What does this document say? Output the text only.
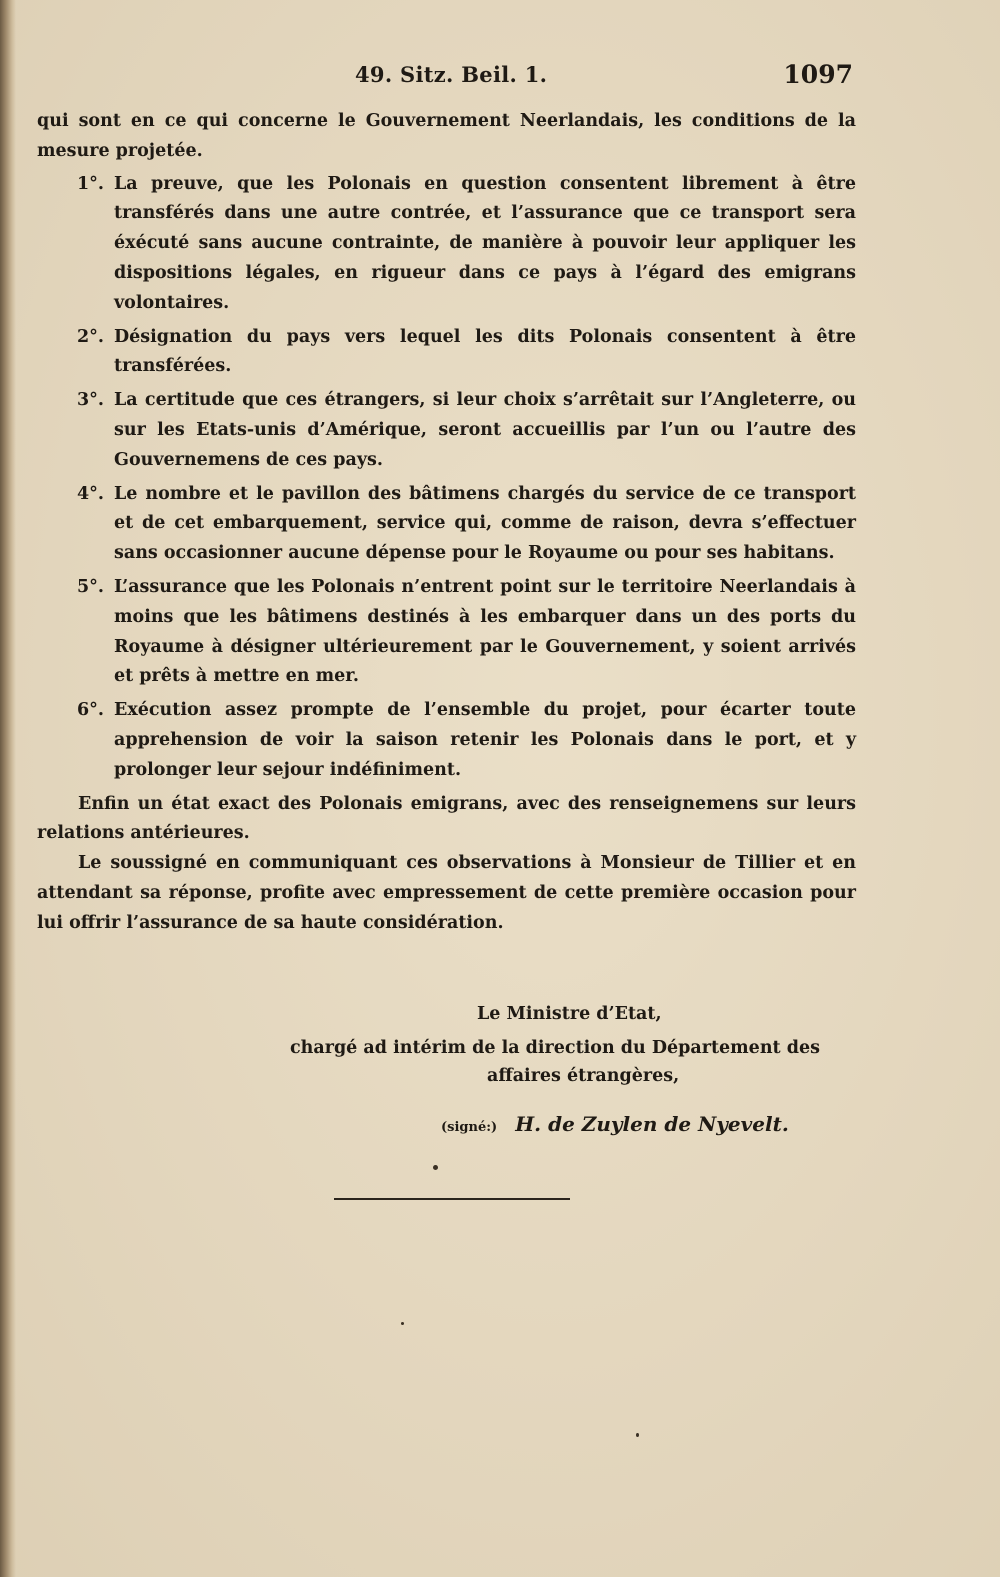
49. Sitz. Beil. 1.	1097

qui sont en ce qui concerne le Gouvernement Neerlandais, les conditions de la mesure projetée.

1°. La preuve, que les Polonais en question consentent librement à être transférés dans une autre contrée, et l’assurance que ce transport sera éxécuté sans aucune contrainte, de manière à pouvoir leur appliquer les dispositions légales, en rigueur dans ce pays à l’égard des emigrans volontaires.

2°. Désignation du pays vers lequel les dits Polonais consentent à être transférées.

3°. La certitude que ces étrangers, si leur choix s’arrêtait sur l’Angleterre, ou sur les Etats-unis d’Amérique, seront accueillis par l’un ou l’autre des Gouvernemens de ces pays.

4°. Le nombre et le pavillon des bâtimens chargés du service de ce transport et de cet embarquement, service qui, comme de raison, devra s’effectuer sans occasionner aucune dépense pour le Royaume ou pour ses habitans.

5°. L’assurance que les Polonais n’entrent point sur le territoire Neerlandais à moins que les bâtimens destinés à les embarquer dans un des ports du Royaume à désigner ultérieurement par le Gouvernement, y soient arrivés et prêts à mettre en mer.

6°. Exécution assez prompte de l’ensemble du projet, pour écarter toute apprehension de voir la saison retenir les Polonais dans le port, et y prolonger leur sejour indéfiniment.

Enfin un état exact des Polonais emigrans, avec des renseignemens sur leurs relations antérieures.

Le soussigné en communiquant ces observations à Monsieur de Tillier et en attendant sa réponse, profite avec empressement de cette première occasion pour lui offrir l’assurance de sa haute considération.

Le Ministre d’Etat,
chargé ad intérim de la direction du Département des
affaires étrangères,
(signé:) H. de Zuylen de Nyevelt.
